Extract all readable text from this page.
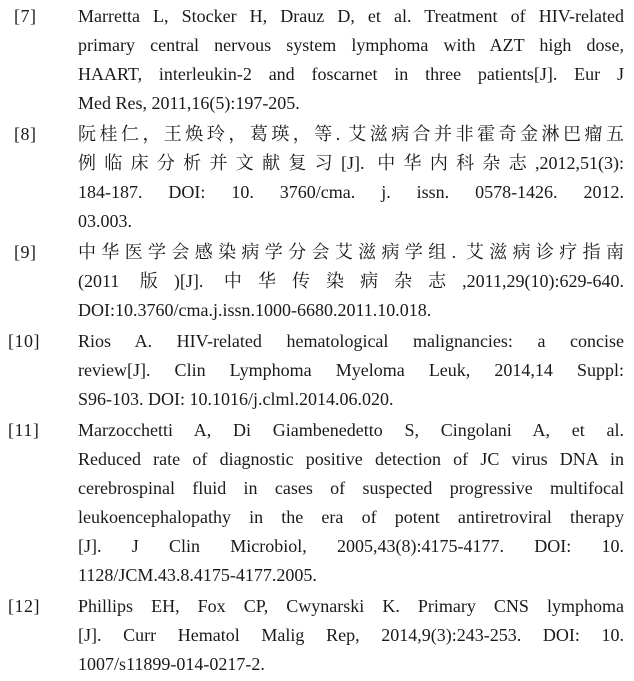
[7]	Marretta L, Stocker H, Drauz D, et al. Treatment of HIV-related
primary central nervous system lymphoma with AZT high dose,
HAART, interleukin-2 and foscarnet in three patients[J]. Eur J
Med Res, 2011,16(5):197-205.
[8]	阮桂仁，王焕玲，葛瑛，等. 艾滋病合并非霍奇金淋巴瘤五
例临床分析并文献复习[J]. 中华内科杂志,2012,51(3):
184-187. DOI: 10. 3760/cma. j. issn. 0578-1426. 2012.
03.003.
[9]	中华医学会感染病学分会艾滋病学组. 艾滋病诊疗指南
(2011 版)[J]. 中华传染病杂志,2011,29(10):629-640.
DOI:10.3760/cma.j.issn.1000-6680.2011.10.018.
[10]	Rios A. HIV-related hematological malignancies: a concise
review[J]. Clin Lymphoma Myeloma Leuk, 2014,14 Suppl:
S96-103. DOI: 10.1016/j.clml.2014.06.020.
[11]	Marzocchetti A, Di Giambenedetto S, Cingolani A, et al.
Reduced rate of diagnostic positive detection of JC virus DNA in
cerebrospinal fluid in cases of suspected progressive multifocal
leukoencephalopathy in the era of potent antiretroviral therapy
[J]. J Clin Microbiol, 2005,43(8):4175-4177. DOI: 10.
1128/JCM.43.8.4175-4177.2005.
[12]	Phillips EH, Fox CP, Cwynarski K. Primary CNS lymphoma
[J]. Curr Hematol Malig Rep, 2014,9(3):243-253. DOI: 10.
1007/s11899-014-0217-2.
